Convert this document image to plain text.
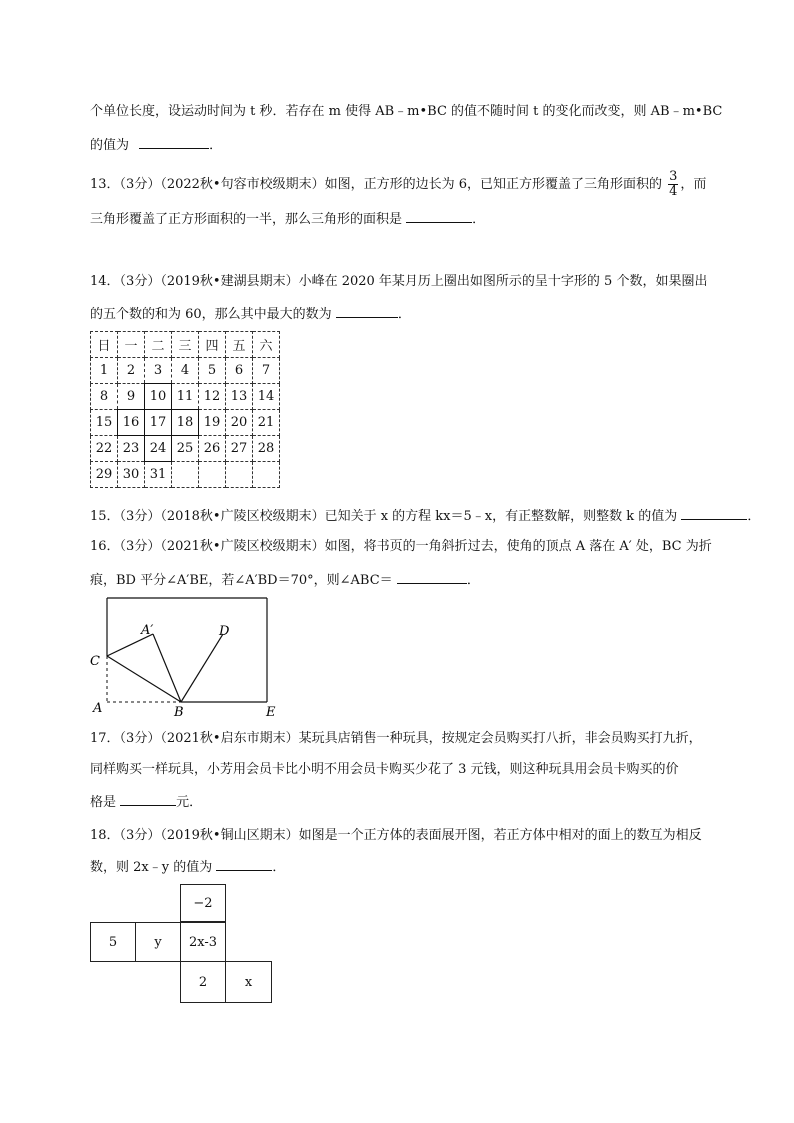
个单位长度，设运动时间为 t 秒．若存在 m 使得 AB﹣m•BC 的值不随时间 t 的变化而改变，则 AB﹣m•BC
的值为	．
13．（3分）（2022秋•句容市校级期末）如图，正方形的边长为 6，已知正方形覆盖了三角形面积的 $\frac{3}{4}$ ，而
三角形覆盖了正方形面积的一半，那么三角形的面积是	．
14．（3分）（2019秋•建湖县期末）小峰在 2020 年某月历上圈出如图所示的呈十字形的 5 个数，如果圈出
的五个数的和为 60，那么其中最大的数为	．
日	一	二	三	四	五	六
1	2	3	4	5	6	7
8	9	10	11	12	13	14
15	16	17	18	19	20	21
22	23	24	25	26	27	28
29	30	31				
15．（3分）（2018秋•广陵区校级期末）已知关于 x 的方程 kx＝5﹣x，有正整数解，则整数 k 的值为	．
16．（3分）（2021秋•广陵区校级期末）如图，将书页的一角斜折过去，使角的顶点 A 落在 A′ 处，BC 为折
痕，BD 平分∠A′BE，若∠A′BD＝70°，则∠ABC＝	．
A′	D
C
A	B	E
17．（3分）（2021秋•启东市期末）某玩具店销售一种玩具，按规定会员购买打八折，非会员购买打九折，
同样购买一样玩具，小芳用会员卡比小明不用会员卡购买少花了 3 元钱，则这种玩具用会员卡购买的价
格是	元．
18．（3分）（2019秋•铜山区期末）如图是一个正方体的表面展开图，若正方体中相对的面上的数互为相反
数，则 2x﹣y 的值为	．
−2
5	y	2x-3
2	x
